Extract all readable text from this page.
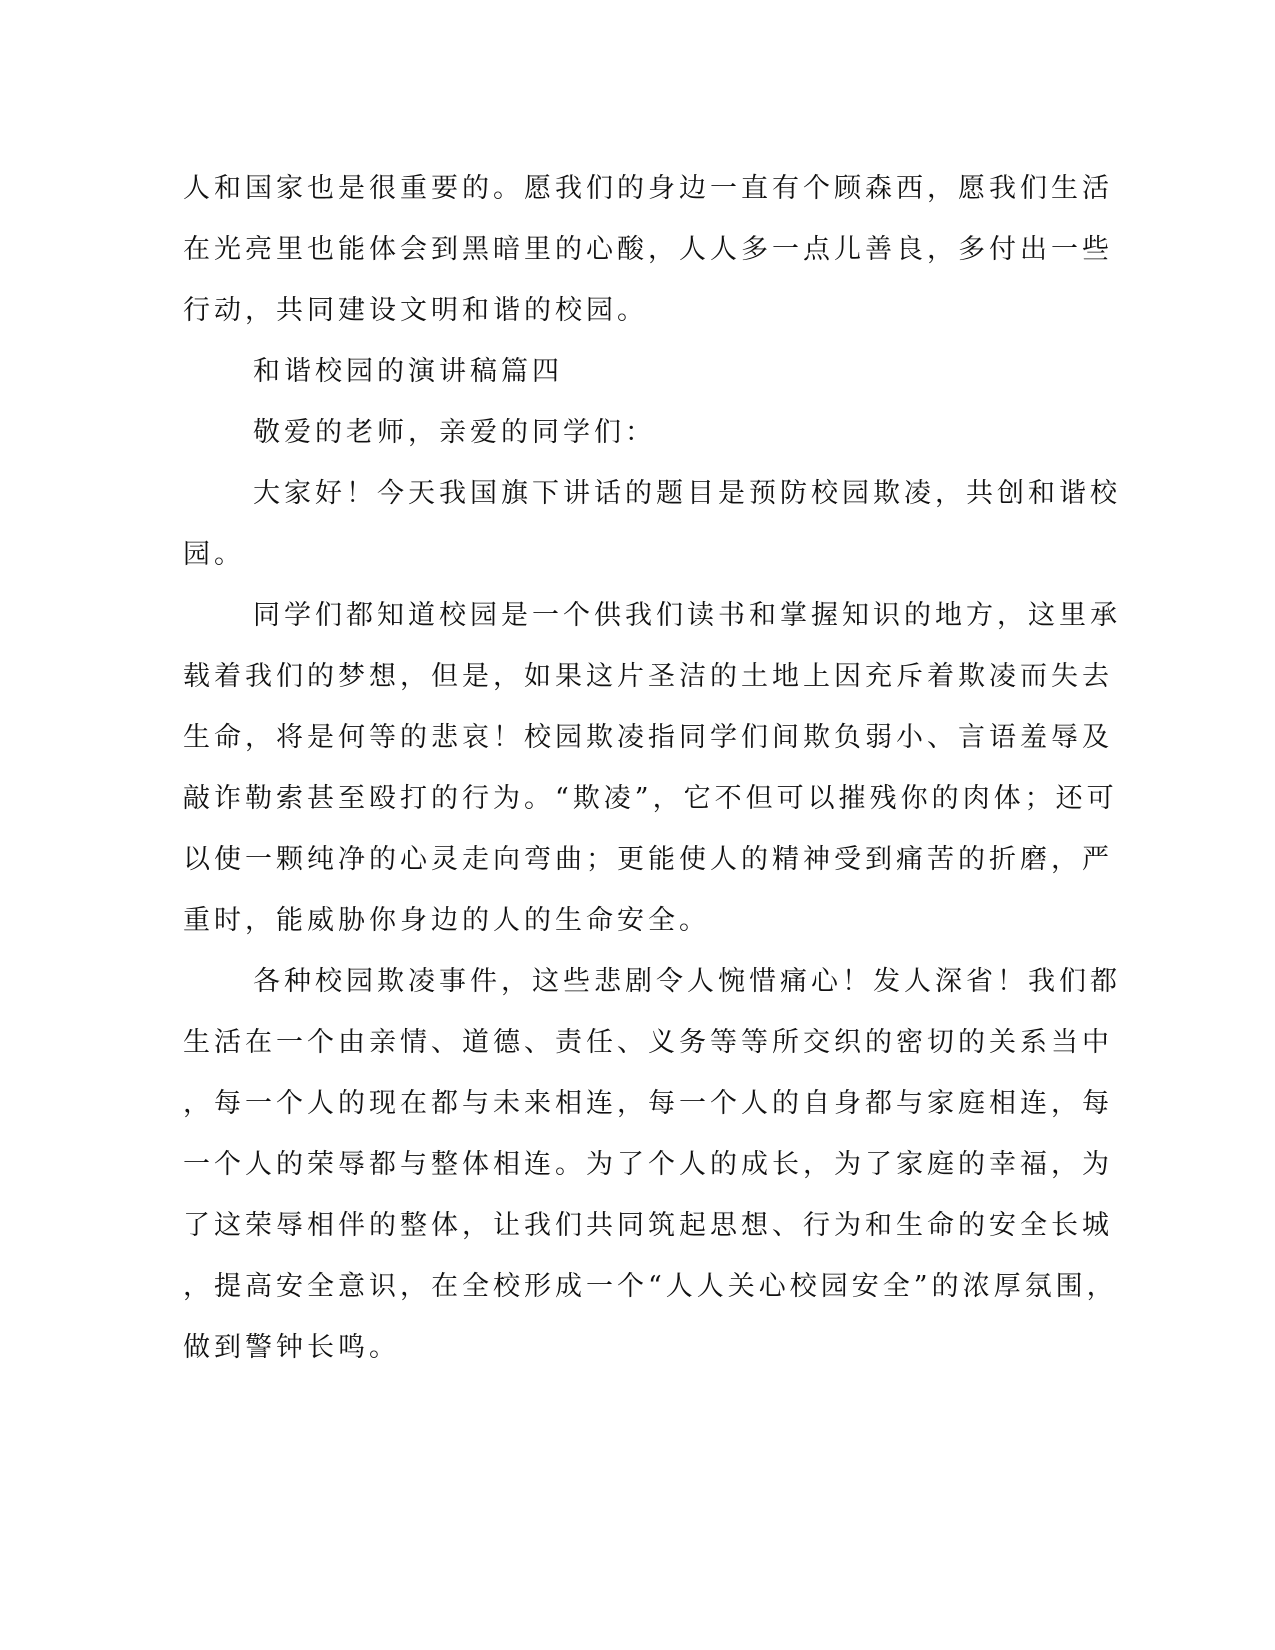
人和国家也是很重要的。愿我们的身边一直有个顾森西，愿我们生活
在光亮里也能体会到黑暗里的心酸，人人多一点儿善良，多付出一些
行动，共同建设文明和谐的校园。
和谐校园的演讲稿篇四
敬爱的老师，亲爱的同学们：
大家好！今天我国旗下讲话的题目是预防校园欺凌，共创和谐校
园。
同学们都知道校园是一个供我们读书和掌握知识的地方，这里承
载着我们的梦想，但是，如果这片圣洁的土地上因充斥着欺凌而失去
生命，将是何等的悲哀！校园欺凌指同学们间欺负弱小、言语羞辱及
敲诈勒索甚至殴打的行为。“欺凌”，它不但可以摧残你的肉体；还可
以使一颗纯净的心灵走向弯曲；更能使人的精神受到痛苦的折磨，严
重时，能威胁你身边的人的生命安全。
各种校园欺凌事件，这些悲剧令人惋惜痛心！发人深省！我们都
生活在一个由亲情、道德、责任、义务等等所交织的密切的关系当中
，每一个人的现在都与未来相连，每一个人的自身都与家庭相连，每
一个人的荣辱都与整体相连。为了个人的成长，为了家庭的幸福，为
了这荣辱相伴的整体，让我们共同筑起思想、行为和生命的安全长城
，提高安全意识，在全校形成一个“人人关心校园安全”的浓厚氛围，
做到警钟长鸣。
